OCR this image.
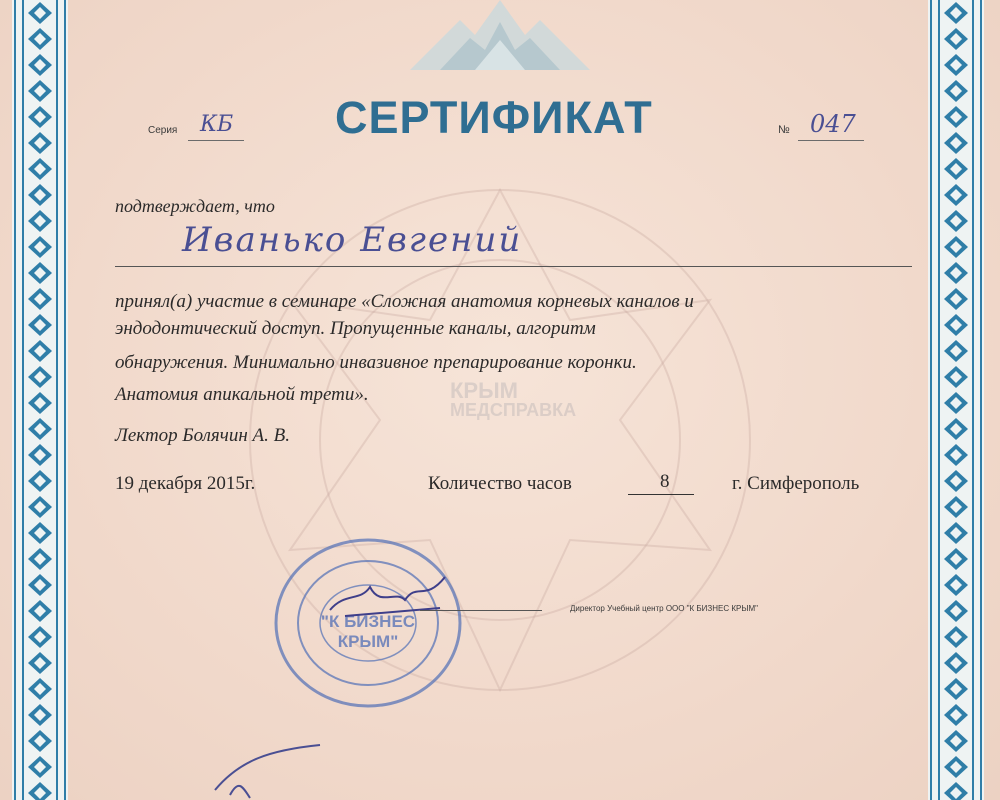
СЕРТИФИКАТ
Серия КБ	№ 047
подтверждает, что
Иванько Евгений
принял(а) участие в семинаре «Сложная анатомия корневых каналов и
эндодонтический доступ. Пропущенные каналы, алгоритм
обнаружения. Минимально инвазивное препарирование коронки.
Анатомия апикальной трети».	КРЫМ
МЕДСПРАВКА
Лектор Болячин А. В.
19 декабря 2015г.	Количество часов	8	г. Симферополь
"К БИЗНЕС
КРЫМ"
Директор Учебный центр ООО "К БИЗНЕС КРЫМ"
